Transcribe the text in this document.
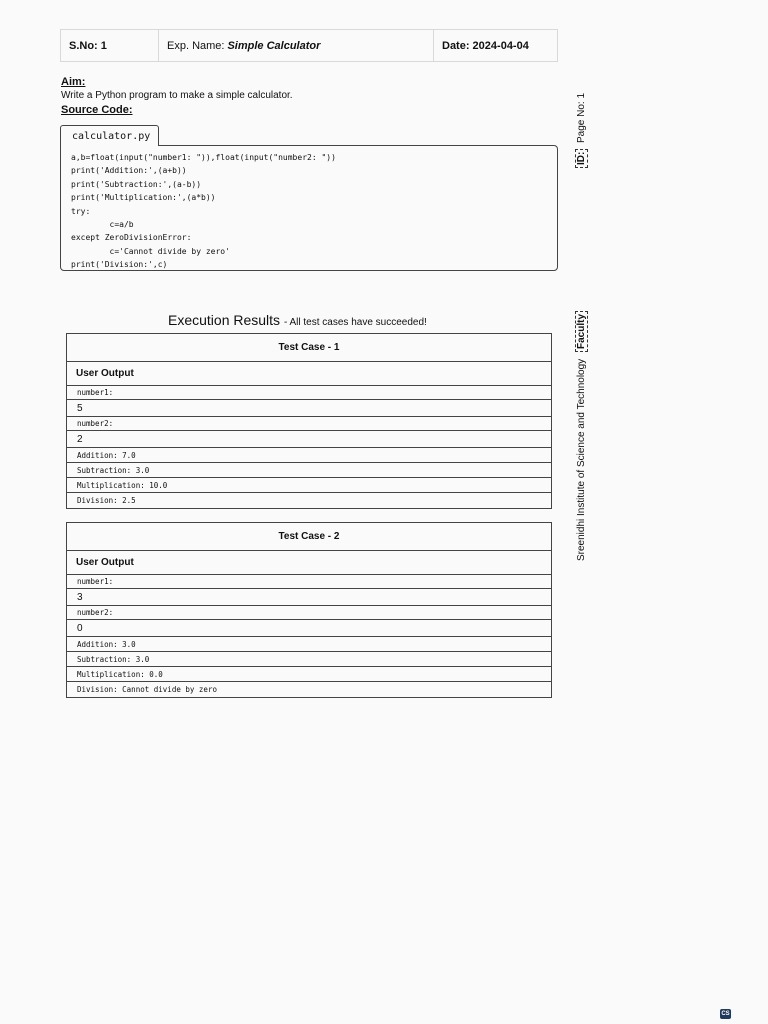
S.No: 1	Exp. Name: Simple Calculator	Date: 2024-04-04
Aim:
Write a Python program to make a simple calculator.
Source Code:
calculator.py
a,b=float(input("number1: ")),float(input("number2: "))
print('Addition:',(a+b))
print('Subtraction:',(a-b))
print('Multiplication:',(a*b))
try:
c=a/b
except ZeroDivisionError:
c='Cannot divide by zero'
print('Division:',c)
Page No: 1
ID:
Sreenidhi Institute of Science and Technology
Faculty
Execution Results - All test cases have succeeded!
Test Case - 1
User Output
number1:
5
number2:
2
Addition: 7.0
Subtraction: 3.0
Multiplication: 10.0
Division: 2.5
Test Case - 2
User Output
number1:
3
number2:
0
Addition: 3.0
Subtraction: 3.0
Multiplication: 0.0
Division: Cannot divide by zero
CS
